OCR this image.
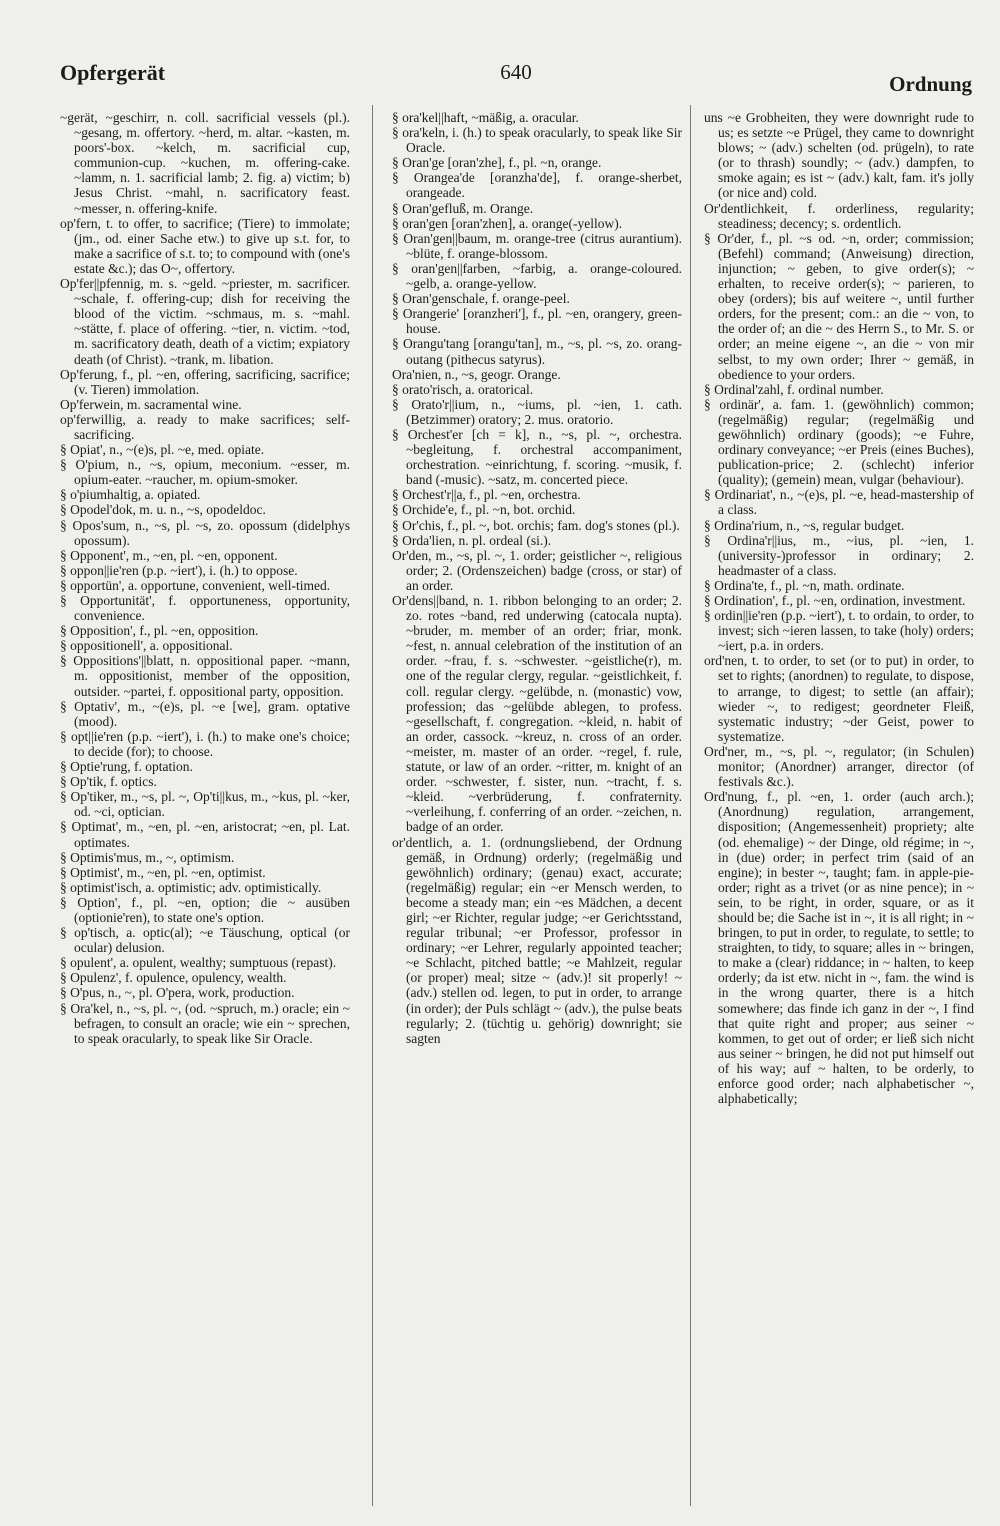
Opfergerät	640	Ordnung

~gerät, ~geschirr, n. coll. sacrificial vessels (pl.). ~gesang, m. offertory. ~herd, m. altar. ~kasten, m. poors'-box. ~kelch, m. sacrificial cup, communion-cup. ~kuchen, m. offering-cake. ~lamm, n. 1. sacrificial lamb; 2. fig. a) victim; b) Jesus Christ. ~mahl, n. sacrificatory feast. ~messer, n. offering-knife.

op'fern, t. to offer, to sacrifice; (Tiere) to immolate; (jm., od. einer Sache etw.) to give up s.t. for, to make a sacrifice of s.t. to; to compound with (one's estate &c.); das O~, offertory.

Op'fer||pfennig, m. s. ~geld. ~priester, m. sacrificer. ~schale, f. offering-cup; dish for receiving the blood of the victim. ~schmaus, m. s. ~mahl. ~stätte, f. place of offering. ~tier, n. victim. ~tod, m. sacrificatory death, death of a victim; expiatory death (of Christ). ~trank, m. libation.

Op'ferung, f., pl. ~en, offering, sacrificing, sacrifice; (v. Tieren) immolation.

Op'ferwein, m. sacramental wine.

op'ferwillig, a. ready to make sacrifices; self-sacrificing.

§ Opiat', n., ~(e)s, pl. ~e, med. opiate.

§ O'pium, n., ~s, opium, meconium. ~esser, m. opium-eater. ~raucher, m. opium-smoker.

§ o'piumhaltig, a. opiated.

§ Opodel'dok, m. u. n., ~s, opodeldoc.

§ Opos'sum, n., ~s, pl. ~s, zo. opossum (didelphys opossum).

§ Opponent', m., ~en, pl. ~en, opponent.

§ oppon||ie'ren (p.p. ~iert'), i. (h.) to oppose.

§ opportün', a. opportune, convenient, well-timed.

§ Opportunität', f. opportuneness, opportunity, convenience.

§ Opposition', f., pl. ~en, opposition.

§ oppositionell', a. oppositional.

§ Oppositions'||blatt, n. oppositional paper. ~mann, m. oppositionist, member of the opposition, outsider. ~partei, f. oppositional party, opposition.

§ Optativ', m., ~(e)s, pl. ~e [we], gram. optative (mood).

§ opt||ie'ren (p.p. ~iert'), i. (h.) to make one's choice; to decide (for); to choose.

§ Optie'rung, f. optation.

§ Op'tik, f. optics.

§ Op'tiker, m., ~s, pl. ~, Op'ti||kus, m., ~kus, pl. ~ker, od. ~ci, optician.

§ Optimat', m., ~en, pl. ~en, aristocrat; ~en, pl. Lat. optimates.

§ Optimis'mus, m., ~, optimism.

§ Optimist', m., ~en, pl. ~en, optimist.

§ optimist'isch, a. optimistic; adv. optimistically.

§ Option', f., pl. ~en, option; die ~ ausüben (optionie'ren), to state one's option.

§ op'tisch, a. optic(al); ~e Täuschung, optical (or ocular) delusion.

§ opulent', a. opulent, wealthy; sumptuous (repast).

§ Opulenz', f. opulence, opulency, wealth.

§ O'pus, n., ~, pl. O'pera, work, production.

§ Ora'kel, n., ~s, pl. ~, (od. ~spruch, m.) oracle; ein ~ befragen, to consult an oracle; wie ein ~ sprechen, to speak oracularly, to speak like Sir Oracle.

§ ora'kel||haft, ~mäßig, a. oracular.

§ ora'keln, i. (h.) to speak oracularly, to speak like Sir Oracle.

§ Oran'ge [oran'zhe], f., pl. ~n, orange.

§ Orangea'de [oranzha'de], f. orange-sherbet, orangeade.

§ Oran'gefluß, m. Orange.

§ oran'gen [oran'zhen], a. orange(-yellow).

§ Oran'gen||baum, m. orange-tree (citrus aurantium). ~blüte, f. orange-blossom.

§ oran'gen||farben, ~farbig, a. orange-coloured. ~gelb, a. orange-yellow.

§ Oran'genschale, f. orange-peel.

§ Orangerie' [oranzheri'], f., pl. ~en, orangery, green-house.

§ Orangu'tang [orangu'tan], m., ~s, pl. ~s, zo. orang-outang (pithecus satyrus).

Ora'nien, n., ~s, geogr. Orange.

§ orato'risch, a. oratorical.

§ Orato'r||ium, n., ~iums, pl. ~ien, 1. cath. (Betzimmer) oratory; 2. mus. oratorio.

§ Orchest'er [ch = k], n., ~s, pl. ~, orchestra. ~begleitung, f. orchestral accompaniment, orchestration. ~einrichtung, f. scoring. ~musik, f. band (-music). ~satz, m. concerted piece.

§ Orchest'r||a, f., pl. ~en, orchestra.

§ Orchide'e, f., pl. ~n, bot. orchid.

§ Or'chis, f., pl. ~, bot. orchis; fam. dog's stones (pl.).

§ Orda'lien, n. pl. ordeal (si.).

Or'den, m., ~s, pl. ~, 1. order; geistlicher ~, religious order; 2. (Ordenszeichen) badge (cross, or star) of an order.

Or'dens||band, n. 1. ribbon belonging to an order; 2. zo. rotes ~band, red underwing (catocala nupta). ~bruder, m. member of an order; friar, monk. ~fest, n. annual celebration of the institution of an order. ~frau, f. s. ~schwester. ~geistliche(r), m. one of the regular clergy, regular. ~geistlichkeit, f. coll. regular clergy. ~gelübde, n. (monastic) vow, profession; das ~gelübde ablegen, to profess. ~gesellschaft, f. congregation. ~kleid, n. habit of an order, cassock. ~kreuz, n. cross of an order. ~meister, m. master of an order. ~regel, f. rule, statute, or law of an order. ~ritter, m. knight of an order. ~schwester, f. sister, nun. ~tracht, f. s. ~kleid. ~verbrüderung, f. confraternity. ~verleihung, f. conferring of an order. ~zeichen, n. badge of an order.

or'dentlich, a. 1. (ordnungsliebend, der Ordnung gemäß, in Ordnung) orderly; (regelmäßig und gewöhnlich) ordinary; (genau) exact, accurate; (regelmäßig) regular; ein ~er Mensch werden, to become a steady man; ein ~es Mädchen, a decent girl; ~er Richter, regular judge; ~er Gerichtsstand, regular tribunal; ~er Professor, professor in ordinary; ~er Lehrer, regularly appointed teacher; ~e Schlacht, pitched battle; ~e Mahlzeit, regular (or proper) meal; sitze ~ (adv.)! sit properly! ~ (adv.) stellen od. legen, to put in order, to arrange (in order); der Puls schlägt ~ (adv.), the pulse beats regularly; 2. (tüchtig u. gehörig) downright; sie sagten

uns ~e Grobheiten, they were downright rude to us; es setzte ~e Prügel, they came to downright blows; ~ (adv.) schelten (od. prügeln), to rate (or to thrash) soundly; ~ (adv.) dampfen, to smoke again; es ist ~ (adv.) kalt, fam. it's jolly (or nice and) cold.

Or'dentlichkeit, f. orderliness, regularity; steadiness; decency; s. ordentlich.

§ Or'der, f., pl. ~s od. ~n, order; commission; (Befehl) command; (Anweisung) direction, injunction; ~ geben, to give order(s); ~ erhalten, to receive order(s); ~ parieren, to obey (orders); bis auf weitere ~, until further orders, for the present; com.: an die ~ von, to the order of; an die ~ des Herrn S., to Mr. S. or order; an meine eigene ~, an die ~ von mir selbst, to my own order; Ihrer ~ gemäß, in obedience to your orders.

§ Ordinal'zahl, f. ordinal number.

§ ordinär', a. fam. 1. (gewöhnlich) common; (regelmäßig) regular; (regelmäßig und gewöhnlich) ordinary (goods); ~e Fuhre, ordinary conveyance; ~er Preis (eines Buches), publication-price; 2. (schlecht) inferior (quality); (gemein) mean, vulgar (behaviour).

§ Ordinariat', n., ~(e)s, pl. ~e, head-mastership of a class.

§ Ordina'rium, n., ~s, regular budget.

§ Ordina'r||ius, m., ~ius, pl. ~ien, 1. (university-)professor in ordinary; 2. headmaster of a class.

§ Ordina'te, f., pl. ~n, math. ordinate.

§ Ordination', f., pl. ~en, ordination, investment.

§ ordin||ie'ren (p.p. ~iert'), t. to ordain, to order, to invest; sich ~ieren lassen, to take (holy) orders; ~iert, p.a. in orders.

ord'nen, t. to order, to set (or to put) in order, to set to rights; (anordnen) to regulate, to dispose, to arrange, to digest; to settle (an affair); wieder ~, to redigest; geordneter Fleiß, systematic industry; ~der Geist, power to systematize.

Ord'ner, m., ~s, pl. ~, regulator; (in Schulen) monitor; (Anordner) arranger, director (of festivals &c.).

Ord'nung, f., pl. ~en, 1. order (auch arch.); (Anordnung) regulation, arrangement, disposition; (Angemessenheit) propriety; alte (od. ehemalige) ~ der Dinge, old régime; in ~, in (due) order; in perfect trim (said of an engine); in bester ~, taught; fam. in apple-pie-order; right as a trivet (or as nine pence); in ~ sein, to be right, in order, square, or as it should be; die Sache ist in ~, it is all right; in ~ bringen, to put in order, to regulate, to settle; to straighten, to tidy, to square; alles in ~ bringen, to make a (clear) riddance; in ~ halten, to keep orderly; da ist etw. nicht in ~, fam. the wind is in the wrong quarter, there is a hitch somewhere; das finde ich ganz in der ~, I find that quite right and proper; aus seiner ~ kommen, to get out of order; er ließ sich nicht aus seiner ~ bringen, he did not put himself out of his way; auf ~ halten, to be orderly, to enforce good order; nach alphabetischer ~, alphabetically;
